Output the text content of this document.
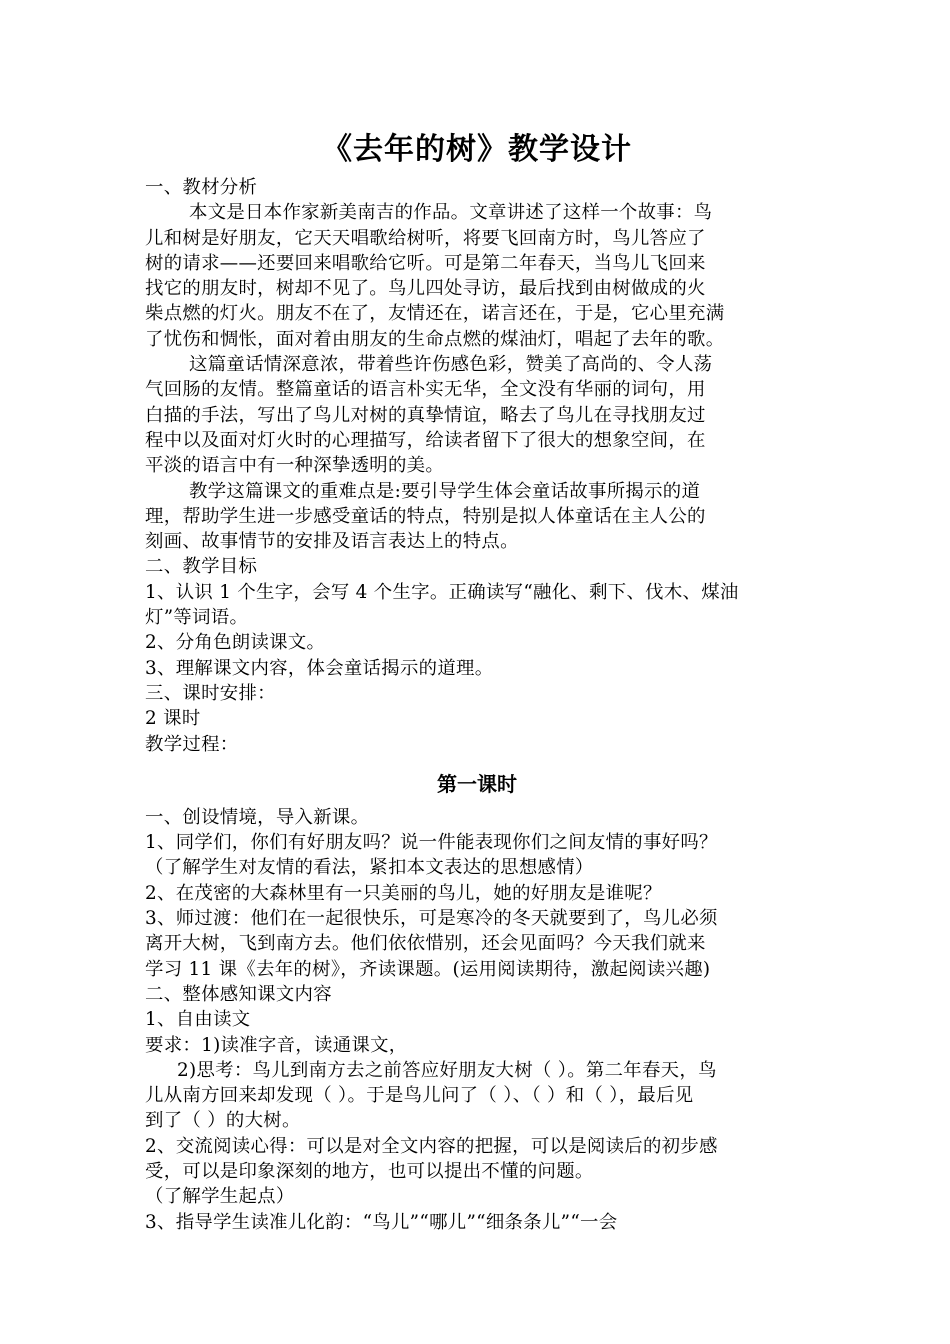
《去年的树》教学设计

一、教材分析

本文是日本作家新美南吉的作品。文章讲述了这样一个故事：鸟

儿和树是好朋友，它天天唱歌给树听，将要飞回南方时，鸟儿答应了

树的请求——还要回来唱歌给它听。可是第二年春天，当鸟儿飞回来

找它的朋友时，树却不见了。鸟儿四处寻访，最后找到由树做成的火

柴点燃的灯火。朋友不在了，友情还在，诺言还在，于是，它心里充满

了忧伤和惆怅，面对着由朋友的生命点燃的煤油灯，唱起了去年的歌。

这篇童话情深意浓，带着些许伤感色彩，赞美了高尚的、令人荡

气回肠的友情。整篇童话的语言朴实无华，全文没有华丽的词句，用

白描的手法，写出了鸟儿对树的真挚情谊，略去了鸟儿在寻找朋友过

程中以及面对灯火时的心理描写，给读者留下了很大的想象空间，在

平淡的语言中有一种深挚透明的美。

教学这篇课文的重难点是:要引导学生体会童话故事所揭示的道

理，帮助学生进一步感受童话的特点，特别是拟人体童话在主人公的

刻画、故事情节的安排及语言表达上的特点。

二、教学目标

1、认识 1 个生字，会写 4 个生字。正确读写“融化、剩下、伐木、煤油

灯”等词语。

2、分角色朗读课文。

3、理解课文内容，体会童话揭示的道理。

三、课时安排：

2 课时

教学过程：

第一课时

一、创设情境，导入新课。

1、同学们，你们有好朋友吗？说一件能表现你们之间友情的事好吗？

（了解学生对友情的看法，紧扣本文表达的思想感情）

2、在茂密的大森林里有一只美丽的鸟儿，她的好朋友是谁呢？

3、师过渡：他们在一起很快乐，可是寒冷的冬天就要到了，鸟儿必须

离开大树，飞到南方去。他们依依惜别，还会见面吗？今天我们就来

学习 11 课《去年的树》，齐读课题。(运用阅读期待，激起阅读兴趣)

二、整体感知课文内容

1、自由读文

要求：1)读准字音，读通课文，

2)思考：鸟儿到南方去之前答应好朋友大树（ ）。第二年春天，鸟

儿从南方回来却发现（ ）。于是鸟儿问了（ ）、（ ）和（ ），最后见

到了（ ）的大树。

2、交流阅读心得：可以是对全文内容的把握，可以是阅读后的初步感

受，可以是印象深刻的地方，也可以提出不懂的问题。

（了解学生起点）

3、指导学生读准儿化韵：“鸟儿”“哪儿”“细条条儿”“一会
